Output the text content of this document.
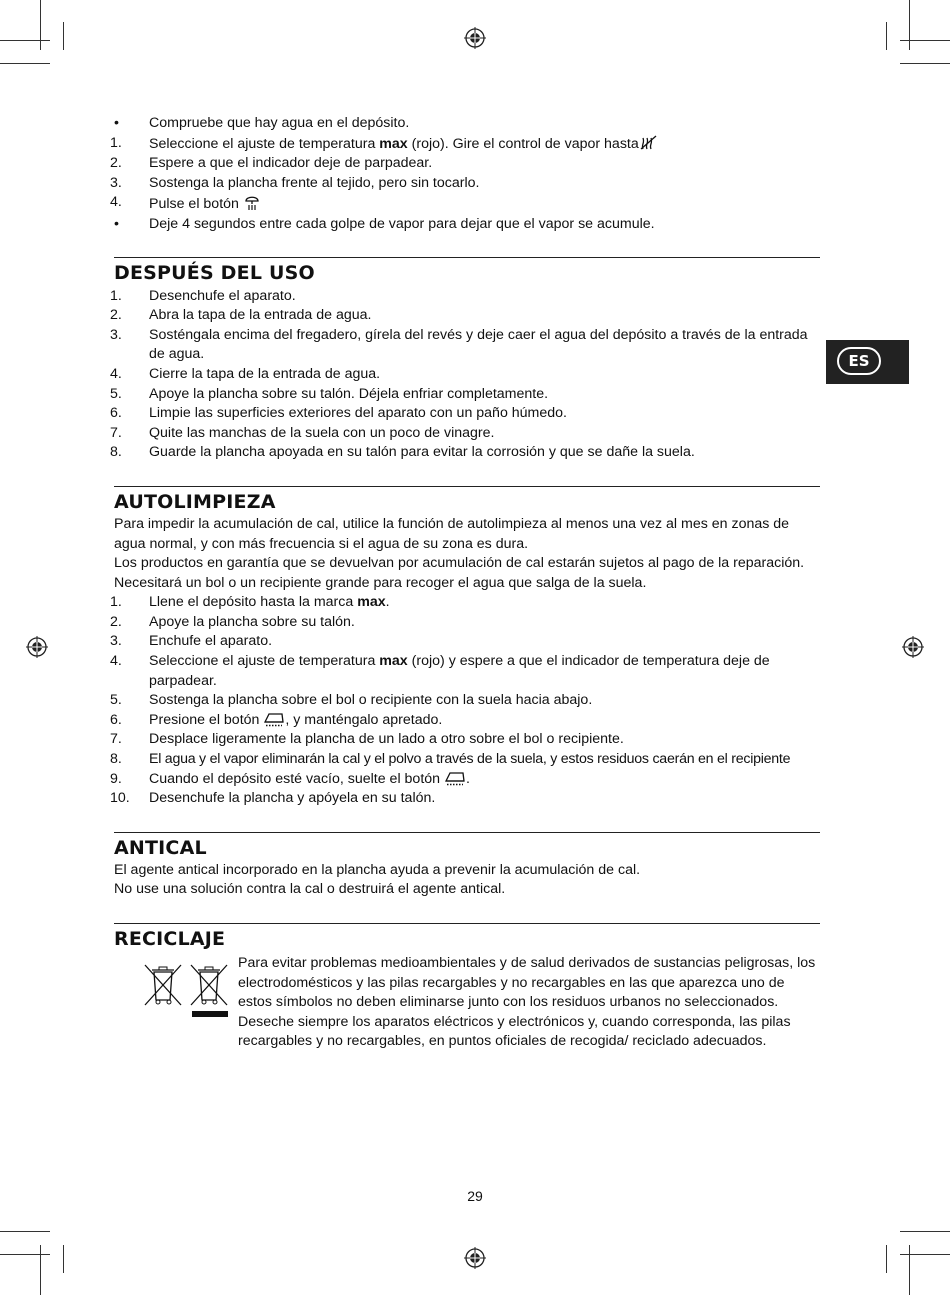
ES
•	Compruebe que hay agua en el depósito.
1.	Seleccione el ajuste de temperatura max (rojo). Gire el control de vapor hasta
2.	Espere a que el indicador deje de parpadear.
3.	Sostenga la plancha frente al tejido, pero sin tocarlo.
4.	Pulse el botón
•	Deje 4 segundos entre cada golpe de vapor para dejar que el vapor se acumule.
DESPUÉS DEL USO
1.	Desenchufe el aparato.
2.	Abra la tapa de la entrada de agua.
3.	Sosténgala encima del fregadero, gírela del revés y deje caer el agua del depósito a través de la entrada de agua.
4.	Cierre la tapa de la entrada de agua.
5.	Apoye la plancha sobre su talón. Déjela enfriar completamente.
6.	Limpie las superficies exteriores del aparato con un paño húmedo.
7.	Quite las manchas de la suela con un poco de vinagre.
8.	Guarde la plancha apoyada en su talón para evitar la corrosión y que se dañe la suela.
AUTOLIMPIEZA

Para impedir la acumulación de cal, utilice la función de autolimpieza al menos una vez al mes en zonas de agua normal, y con más frecuencia si el agua de su zona es dura.

Los productos en garantía que se devuelvan por acumulación de cal estarán sujetos al pago de la reparación.

Necesitará un bol o un recipiente grande para recoger el agua que salga de la suela.

1.	Llene el depósito hasta la marca max.
2.	Apoye la plancha sobre su talón.
3.	Enchufe el aparato.
4.	Seleccione el ajuste de temperatura max (rojo) y espere a que el indicador de temperatura deje de parpadear.
5.	Sostenga la plancha sobre el bol o recipiente con la suela hacia abajo.
6.	Presione el botón , y manténgalo apretado.
7.	Desplace ligeramente la plancha de un lado a otro sobre el bol o recipiente.
8.	El agua y el vapor eliminarán la cal y el polvo a través de la suela, y estos residuos caerán en el recipiente
9.	Cuando el depósito esté vacío, suelte el botón .
10.	Desenchufe la plancha y apóyela en su talón.
ANTICAL

El agente antical incorporado en la plancha ayuda a prevenir la acumulación de cal.

No use una solución contra la cal o destruirá el agente antical.

RECICLAJE

Para evitar problemas medioambientales y de salud derivados de sustancias peligrosas, los electrodomésticos y las pilas recargables y no recargables en las que aparezca uno de estos símbolos no deben eliminarse junto con los residuos urbanos no seleccionados. Deseche siempre los aparatos eléctricos y electrónicos y, cuando corresponda, las pilas recargables y no recargables, en puntos oficiales de recogida/ reciclado adecuados.

29
